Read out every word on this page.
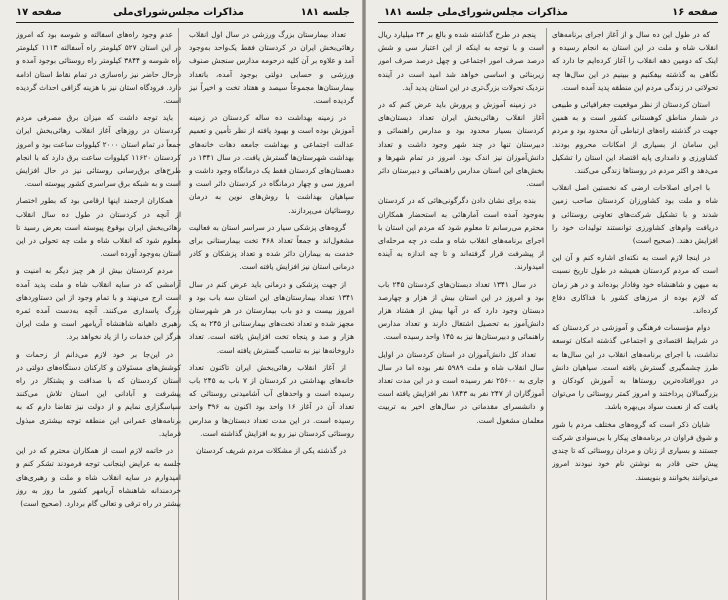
جلسه ۱۸۱
مذاکرات مجلس‌شورای‌ملی
صفحه ۱۷

تعداد بیمارستان بزرگ ورزشی در سال اول انقلاب رهائی‌بخش ایران در کردستان فقط یک‌واحد به‌وجود آمد و علاوه بر آن کلیه درحومه مدارس سنجش صنوف ورزشی و حسابی دولتی بوجود آمده، با‌تعداد بیمارستان‌ها مجموعاً سیصد و هفتاد تخت و اخیراً نیز گردیده است.

در زمینه بهداشت ده ساله کردستان در زمینه آموزش بوده است و بهبود یافته از نظر تأمین و تعمیم عدالت اجتماعی و بهداشت جامعه دهات خانه‌های بهداشت شهرستان‌ها گسترش یافت. در سال ۱۳۴۱ در دهستان‌های کردستان فقط یک درمانگاه وجود داشت و امروز سی و چهار درمانگاه در کردستان دائر است و سپاهیان بهداشت با روش‌های نوین به درمان روستائیان می‌پردازند.

گروه‌های پزشکی سیار در سراسر استان به فعالیت مشغول‌اند و جمعاً تعداد ۴۶۸ تخت بیمارستانی برای خدمت به بیماران دائر شده و تعداد پزشکان و کادر درمانی استان نیز افزایش یافته است.

از جهت پزشکی و درمانی باید عرض کنم در سال ۱۳۴۱ تعداد بیمارستان‌های این استان سه باب بود و امروز بیست و دو باب بیمارستان در هر شهرستان مجهز شده و تعداد تخت‌های بیمارستانی از ۲۴۵ به یک هزار و صد و پنجاه تخت افزایش یافته است. تعداد داروخانه‌ها نیز به تناسب گسترش یافته است.

از آغاز انقلاب رهائی‌بخش ایران تاکنون تعداد خانه‌های بهداشتی در کردستان از ۷ باب به ۲۴۵ باب رسیده است و واحدهای آب آشامیدنی روستائی که تعداد آن در آغاز ۱۶ واحد بود اکنون به ۳۹۶ واحد رسیده است. در این مدت تعداد دبستان‌ها و مدارس روستائی کردستان نیز رو به افزایش گذاشته است.

در گذشته یکی از مشکلات مردم شریف کردستان

عدم وجود راه‌های اسفالته و شوسه بود که امروز در این استان ۵۲۷ کیلومتر راه آسفالته ۱۱۱۳ کیلومتر راه شوسه و ۳۸۴۴ کیلومتر راه روستائی بوجود آمده و درحال حاضر نیز راه‌سازی در تمام نقاط استان ادامه دارد. فرودگاه استان نیز با هزینه گزافی احداث گردیده است.

باید توجه داشت که میزان برق مصرفی مردم کردستان در روزهای آغاز انقلاب رهائی‌بخش ایران جمعاً در تمام استان ۲۰۰۰ کیلووات ساعت بود و امروز کردستان ۱۱۶۲۰ کیلووات ساعت برق دارد که با انجام طرح‌های برق‌رسانی روستائی نیز در حال افزایش است و به شبکه برق سراسری کشور پیوسته است.

همکاران ارجمند اینها ارقامی بود که بطور اختصار از آنچه در کردستان در طول ده سال انقلاب رهائی‌بخش ایران بوقوع پیوسته است بعرض رسید تا معلوم شود که انقلاب شاه و ملت چه تحولی در این استان به‌وجود آورده است.

مردم کردستان بیش از هر چیز دیگر به امنیت و آرامشی که در سایه انقلاب شاه و ملت پدید آمده است ارج می‌نهند و با تمام وجود از این دستاوردهای بزرگ پاسداری می‌کنند. آنچه به‌دست آمده ثمره رهبری داهیانه شاهنشاه آریامهر است و ملت ایران هرگز این خدمات را از یاد نخواهد برد.

در این‌جا بر خود لازم می‌دانم از زحمات و کوشش‌های مسئولان و کارکنان دستگاه‌های دولتی در استان کردستان که با صداقت و پشتکار در راه پیشرفت و آبادانی این استان تلاش می‌کنند سپاسگزاری نمایم و از دولت نیز تقاضا دارم که به برنامه‌های عمرانی این منطقه توجه بیشتری مبذول فرماید.

در خاتمه لازم است از همکاران محترم که در این جلسه به عرایض اینجانب توجه فرمودند تشکر کنم و امیدوارم در سایه انقلاب شاه و ملت و رهبری‌های خردمندانه شاهنشاه آریامهر کشور ما روز به روز بیشتر در راه ترقی و تعالی گام بردارد. (صحیح است)

صفحه ۱۶
مذاکرات مجلس‌شورای‌ملی
جلسه ۱۸۱

که در طول این ده سال و از آغاز اجرای برنامه‌های انقلاب شاه و ملت در این استان به انجام رسیده و اینک که دومین دهه انقلاب را آغاز کرده‌ایم جا دارد که نگاهی به گذشته بیفکنیم و ببینیم در این سال‌ها چه تحولاتی در زندگی مردم این منطقه پدید آمده است.

استان کردستان از نظر موقعیت جغرافیائی و طبیعی در شمار مناطق کوهستانی کشور است و به همین جهت در گذشته راه‌های ارتباطی آن محدود بود و مردم این سامان از بسیاری از امکانات محروم بودند. کشاورزی و دامداری پایه اقتصاد این استان را تشکیل می‌دهد و اکثر مردم در روستاها زندگی می‌کنند.

با اجرای اصلاحات ارضی که نخستین اصل انقلاب شاه و ملت بود کشاورزان کردستان صاحب زمین شدند و با تشکیل شرکت‌های تعاونی روستائی و دریافت وام‌های کشاورزی توانستند تولیدات خود را افزایش دهند. (صحیح است)

در اینجا لازم است به نکته‌ای اشاره کنم و آن این است که مردم کردستان همیشه در طول تاریخ نسبت به میهن و شاهنشاه خود وفادار بوده‌اند و در هر زمان که لازم بوده از مرزهای کشور با فداکاری دفاع کرده‌اند.

دوام مؤسسات فرهنگی و آموزشی در کردستان که در شرایط اقتصادی و اجتماعی گذشته امکان توسعه نداشت، با اجرای برنامه‌های انقلاب در این سال‌ها به طرز چشمگیری گسترش یافته است. سپاهیان دانش در دورافتاده‌ترین روستاها به آموزش کودکان و بزرگسالان پرداختند و امروز کمتر روستائی را می‌توان یافت که از نعمت سواد بی‌بهره باشد.

شایان ذکر است که گروه‌های مختلف مردم با شور و شوق فراوان در برنامه‌های پیکار با بی‌سوادی شرکت جستند و بسیاری از زنان و مردان روستائی که تا چندی پیش حتی قادر به نوشتن نام خود نبودند امروز می‌توانند بخوانند و بنویسند.

پنجم در طرح گذاشته شده و بالغ بر ۲۴ میلیارد ریال است و با توجه به اینکه از این اعتبار سی و شش درصد صرف امور اجتماعی و چهل درصد صرف امور زیربنائی و اساسی خواهد شد امید است در آینده نزدیک تحولات بزرگ‌تری در این استان پدید آید.

در زمینه آموزش و پرورش باید عرض کنم که در آغاز انقلاب رهائی‌بخش ایران تعداد دبستان‌های کردستان بسیار محدود بود و مدارس راهنمائی و دبیرستان تنها در چند شهر وجود داشت و تعداد دانش‌آموزان نیز اندک بود. امروز در تمام شهرها و بخش‌های این استان مدارس راهنمائی و دبیرستان دائر است.

بنده برای نشان دادن دگرگونی‌هائی که در کردستان به‌وجود آمده است آمارهائی به استحضار همکاران محترم می‌رسانم تا معلوم شود که مردم این استان با اجرای برنامه‌های انقلاب شاه و ملت در چه مرحله‌ای از پیشرفت قرار گرفته‌اند و تا چه اندازه به آینده امیدوارند.

در سال ۱۳۴۱ تعداد دبستان‌های کردستان ۲۴۵ باب بود و امروز در این استان بیش از هزار و چهارصد دبستان وجود دارد که در آنها بیش از هشتاد هزار دانش‌آموز به تحصیل اشتغال دارند و تعداد مدارس راهنمائی و دبیرستان‌ها نیز به ۱۴۵ واحد رسیده است.

تعداد کل دانش‌آموزان در استان کردستان در اوایل سال انقلاب شاه و ملت ۵۹۸۹ نفر بوده اما در سال جاری به ۲۵۶۰۰ نفر رسیده است و در این مدت تعداد آموزگاران از ۲۴۷ نفر به ۱۸۴۳ نفر افزایش یافته است و دانشسرای مقدماتی در سال‌های اخیر به تربیت معلمان مشغول است.
